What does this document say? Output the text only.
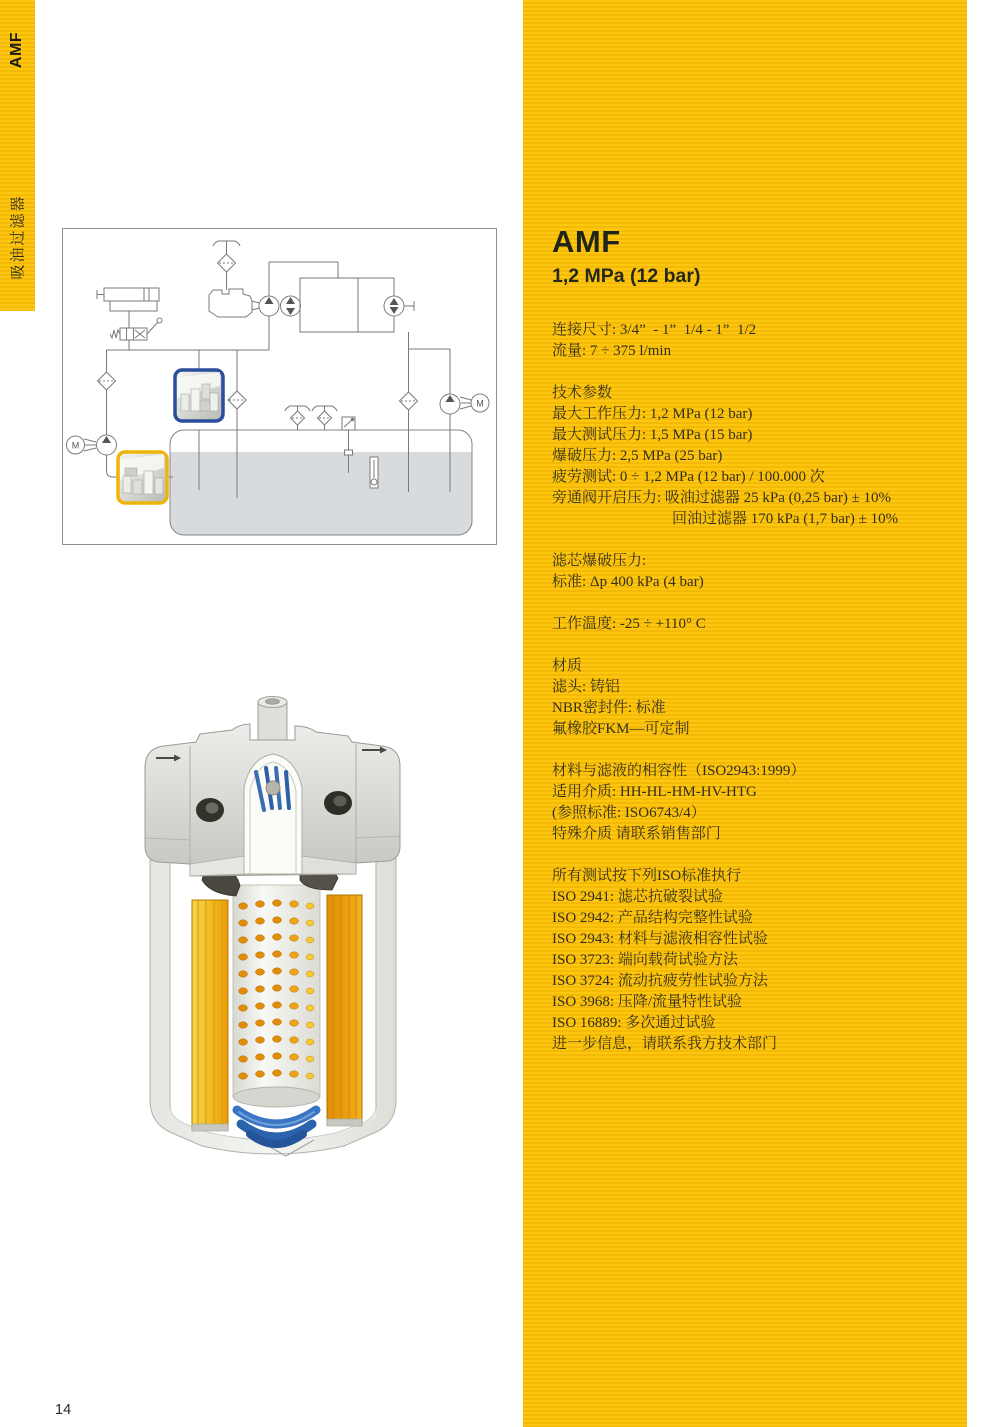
AMF
吸油过滤器	AMF
1,2 MPa (12 bar)
连接尺寸: 3/4”  - 1”  1/4 - 1”  1/2
流量: 7 ÷ 375 l/min
技术参数
最大工作压力: 1,2 MPa (12 bar)
最大测试压力: 1,5 MPa (15 bar)
爆破压力: 2,5 MPa (25 bar)
疲劳测试: 0 ÷ 1,2 MPa (12 bar) / 100.000 次
旁通阀开启压力: 吸油过滤器 25 kPa (0,25 bar) ± 10%
　　　　　　　　回油过滤器 170 kPa (1,7 bar) ± 10%
滤芯爆破压力:
标准: Δp 400 kPa (4 bar)
工作温度: -25 ÷ +110° C
材质
滤头: 铸铝
NBR密封件: 标准
氟橡胶FKM—可定制
材料与滤液的相容性（ISO2943:1999）
适用介质: HH-HL-HM-HV-HTG
(参照标准: ISO6743/4）
特殊介质 请联系销售部门
所有测试按下列ISO标准执行
ISO 2941: 滤芯抗破裂试验
ISO 2942: 产品结构完整性试验
ISO 2943: 材料与滤液相容性试验
ISO 3723: 端向载荷试验方法
ISO 3724: 流动抗疲劳性试验方法
ISO 3968: 压降/流量特性试验
ISO 16889: 多次通过试验
进一步信息，请联系我方技术部门
M
M
14
